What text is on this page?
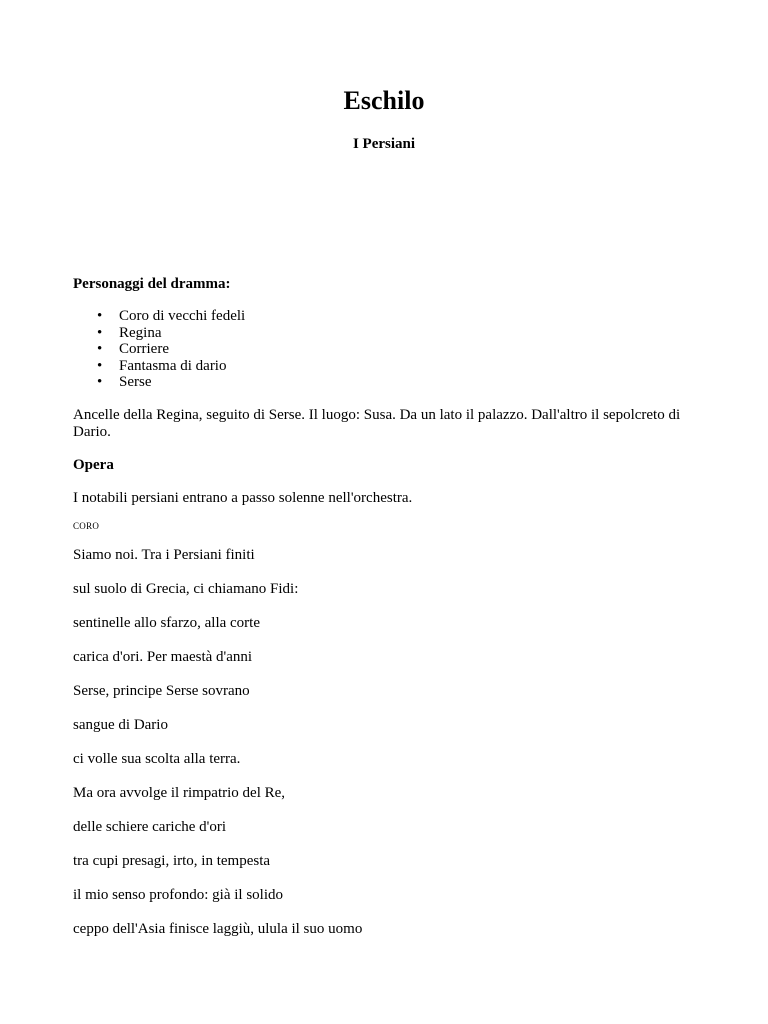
Eschilo
I Persiani
Personaggi del dramma:
• Coro di vecchi fedeli
• Regina
• Corriere
• Fantasma di dario
• Serse
Ancelle della Regina, seguito di Serse. Il luogo: Susa. Da un lato il palazzo. Dall'altro il sepolcreto di Dario.
Opera
I notabili persiani entrano a passo solenne nell'orchestra.
CORO
Siamo noi. Tra i Persiani finiti
sul suolo di Grecia, ci chiamano Fidi:
sentinelle allo sfarzo, alla corte
carica d'ori. Per maestà d'anni
Serse, principe Serse sovrano
sangue di Dario
ci volle sua scolta alla terra.
Ma ora avvolge il rimpatrio del Re,
delle schiere cariche d'ori
tra cupi presagi, irto, in tempesta
il mio senso profondo: già il solido
ceppo dell'Asia finisce laggiù, ulula il suo uomo
